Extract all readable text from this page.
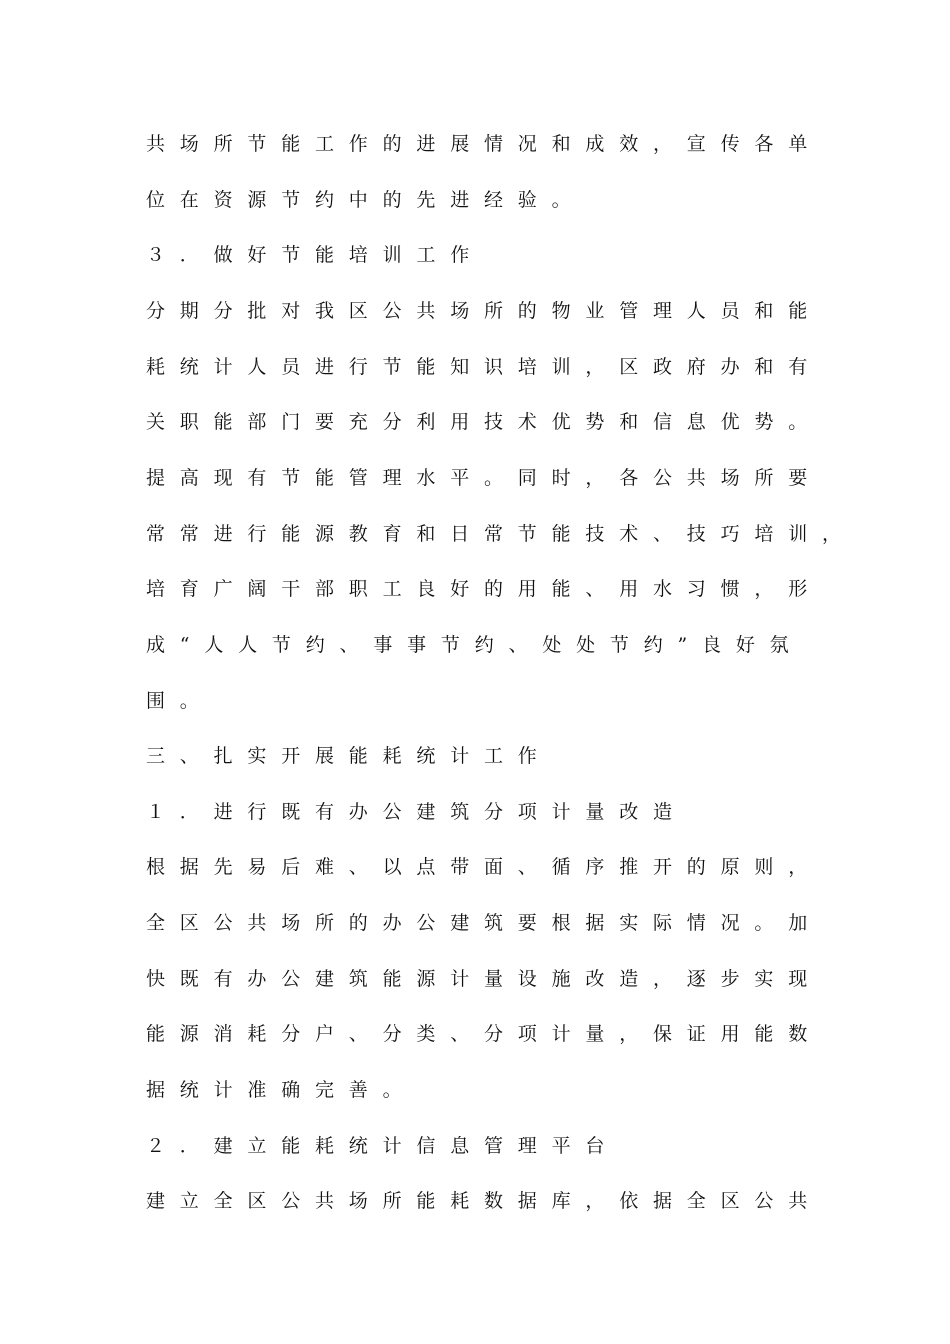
共场所节能工作的进展情况和成效，宣传各单
位在资源节约中的先进经验。
３．做好节能培训工作
分期分批对我区公共场所的物业管理人员和能
耗统计人员进行节能知识培训，区政府办和有
关职能部门要充分利用技术优势和信息优势。
提高现有节能管理水平。同时，各公共场所要
常常进行能源教育和日常节能技术、技巧培训，
培育广阔干部职工良好的用能、用水习惯，形
成“人人节约、事事节约、处处节约”良好氛
围。
三、扎实开展能耗统计工作
１．进行既有办公建筑分项计量改造
根据先易后难、以点带面、循序推开的原则，
全区公共场所的办公建筑要根据实际情况。加
快既有办公建筑能源计量设施改造，逐步实现
能源消耗分户、分类、分项计量，保证用能数
据统计准确完善。
２．建立能耗统计信息管理平台
建立全区公共场所能耗数据库，依据全区公共
